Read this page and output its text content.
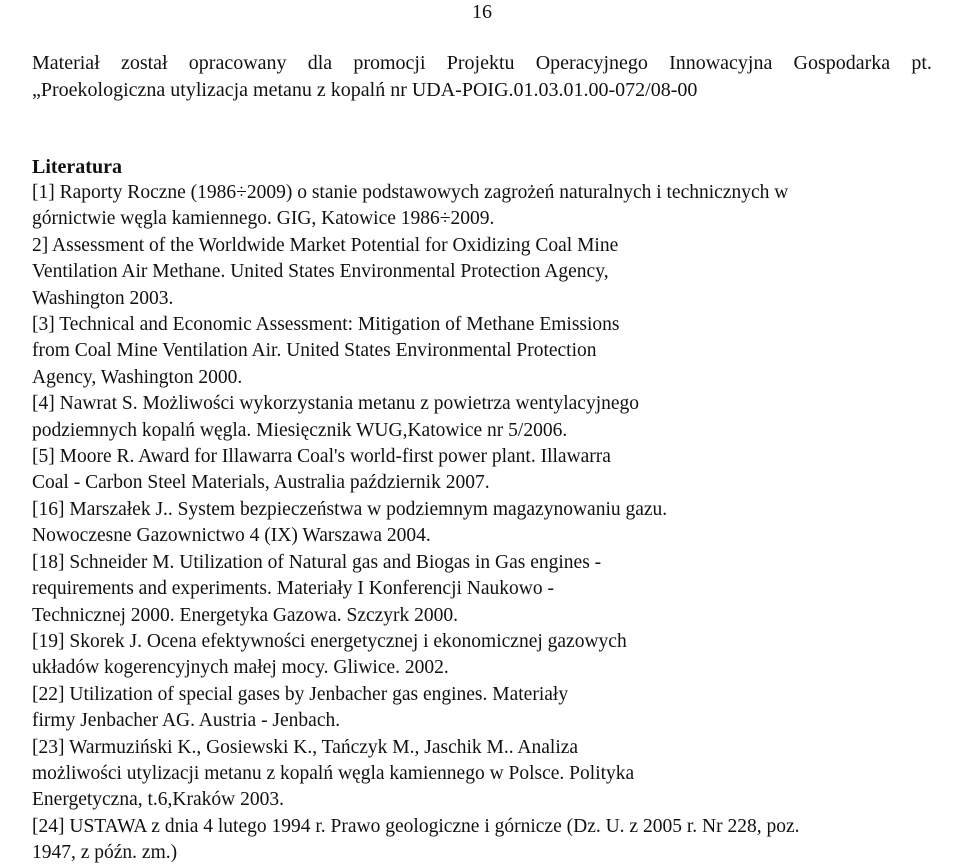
16
Materiał został opracowany dla promocji Projektu Operacyjnego Innowacyjna Gospodarka pt.
„Proekologiczna utylizacja metanu z kopalń nr UDA-POIG.01.03.01.00-072/08-00
Literatura
[1] Raporty Roczne (1986÷2009) o stanie podstawowych zagrożeń naturalnych i technicznych w
górnictwie węgla kamiennego. GIG, Katowice 1986÷2009.
2] Assessment of the Worldwide Market Potential for Oxidizing Coal Mine
Ventilation Air Methane. United States Environmental Protection Agency,
Washington 2003.
[3] Technical and Economic Assessment: Mitigation of Methane Emissions
from Coal Mine Ventilation Air. United States Environmental Protection
Agency, Washington 2000.
[4] Nawrat S. Możliwości wykorzystania metanu z powietrza wentylacyjnego
podziemnych kopalń węgla. Miesięcznik WUG,Katowice nr 5/2006.
[5] Moore R. Award for Illawarra Coal's world-first power plant. Illawarra
Coal - Carbon Steel Materials, Australia październik 2007.
[16] Marszałek J.. System bezpieczeństwa w podziemnym magazynowaniu gazu.
Nowoczesne Gazownictwo 4 (IX) Warszawa 2004.
[18] Schneider M. Utilization of Natural gas and Biogas in Gas engines -
requirements and experiments. Materiały I Konferencji Naukowo -
Technicznej 2000. Energetyka Gazowa. Szczyrk 2000.
[19] Skorek J. Ocena efektywności energetycznej i ekonomicznej gazowych
układów kogerencyjnych małej mocy. Gliwice. 2002.
[22] Utilization of special gases by Jenbacher gas engines. Materiały
firmy Jenbacher AG. Austria - Jenbach.
[23] Warmuziński K., Gosiewski K., Tańczyk M., Jaschik M.. Analiza
możliwości utylizacji metanu z kopalń węgla kamiennego w Polsce. Polityka
Energetyczna, t.6,Kraków 2003.
[24] USTAWA z dnia 4 lutego 1994 r. Prawo geologiczne i górnicze (Dz. U. z 2005 r. Nr 228, poz.
1947, z późn. zm.)
